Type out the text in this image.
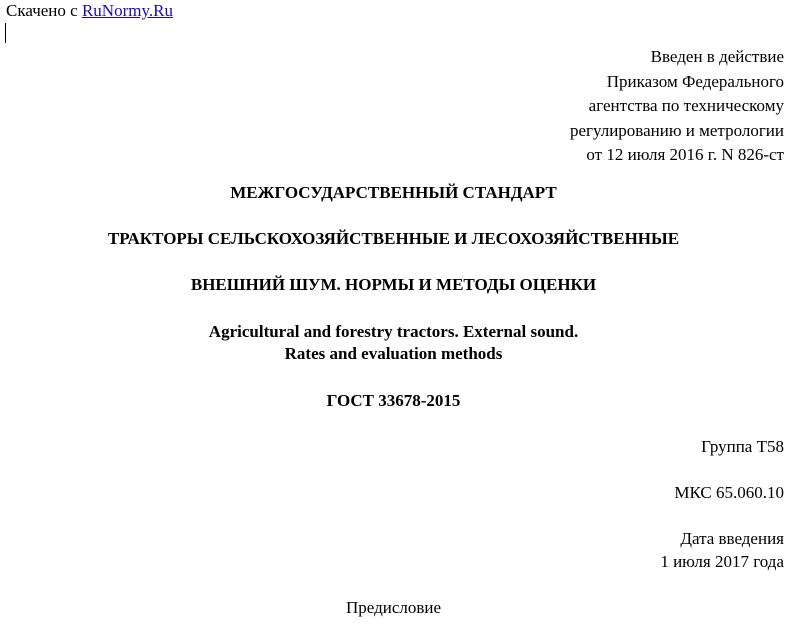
Скачено с RuNormy.Ru
Введен в действие
Приказом Федерального
агентства по техническому
регулированию и метрологии
от 12 июля 2016 г. N 826-ст
МЕЖГОСУДАРСТВЕННЫЙ СТАНДАРТ
ТРАКТОРЫ СЕЛЬСКОХОЗЯЙСТВЕННЫЕ И ЛЕСОХОЗЯЙСТВЕННЫЕ
ВНЕШНИЙ ШУМ. НОРМЫ И МЕТОДЫ ОЦЕНКИ
Agricultural and forestry tractors. External sound.
Rates and evaluation methods
ГОСТ 33678-2015
Группа Т58
МКС 65.060.10
Дата введения
1 июля 2017 года
Предисловие
